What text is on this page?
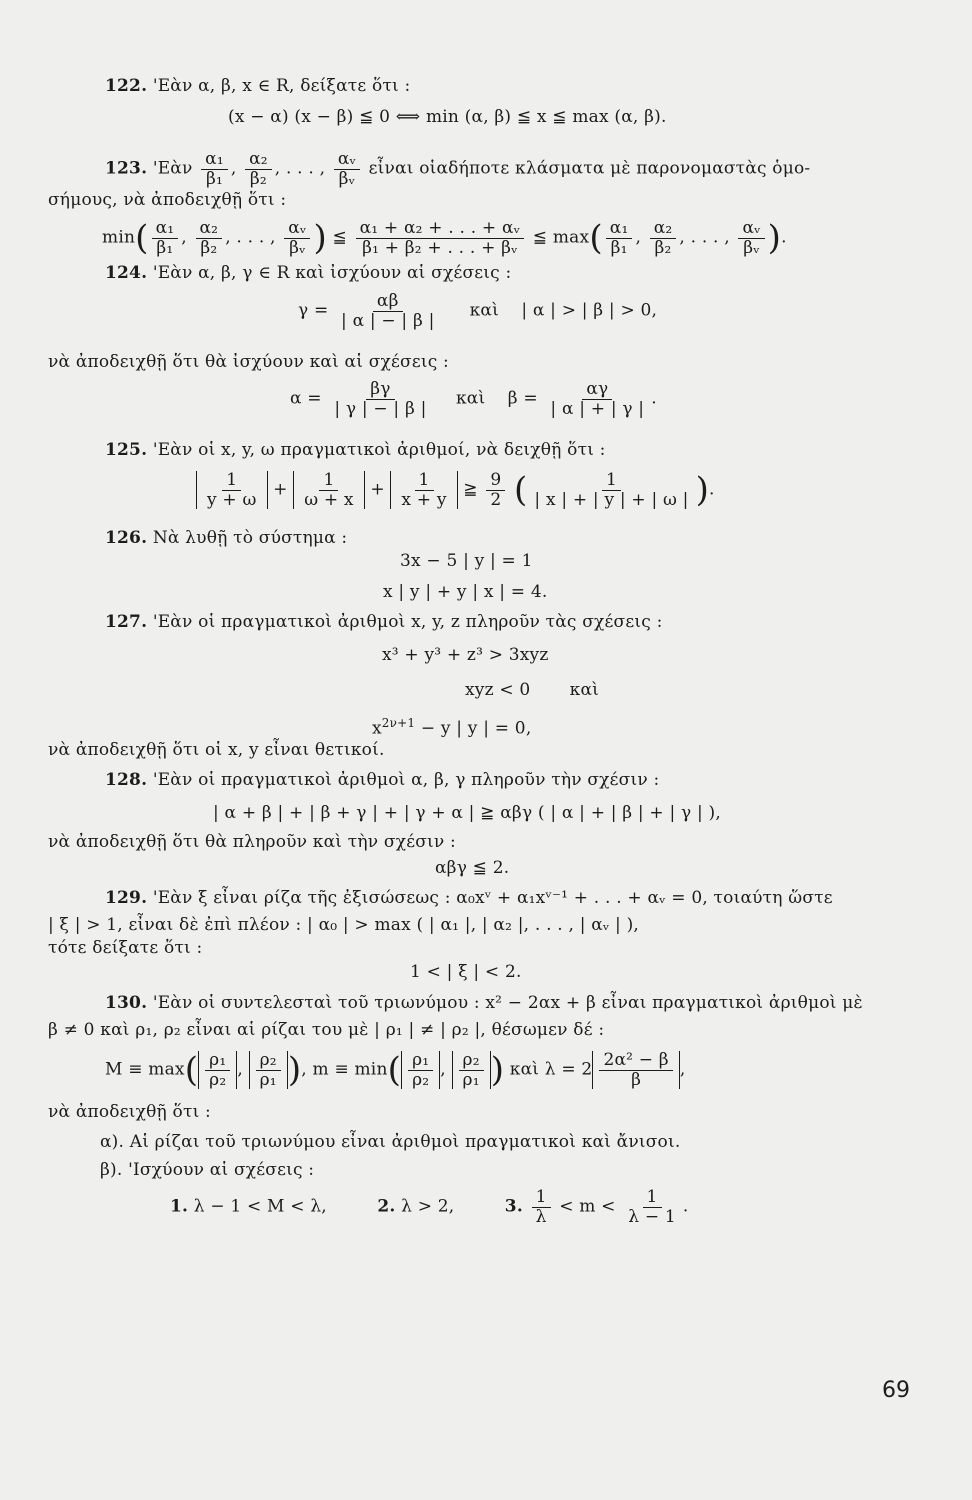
122. 'Εὰν α, β, x ∈ R, δείξατε ὅτι :
(x − α) (x − β) ≦ 0 ⟺ min (α, β) ≦ x ≦ max (α, β).
123. 'Εὰν $\frac{\text{α₁}}{\text{β₁}}$ , $\frac{\text{α₂}}{\text{β₂}}$ , . . . , $\frac{\text{αᵥ}}{\text{βᵥ}}$ εἶναι οἱαδήποτε κλάσματα μὲ παρονομαστὰς ὁμο-
σήμους, νὰ ἀποδειχθῇ ὅτι :
$\min( \frac{\text{α₁}}{\text{β₁}}$ , $\frac{\text{α₂}}{\text{β₂}}$ , . . . , $\frac{\text{αᵥ}}{\text{βᵥ}}$ ) ≦ $\frac{\text{α₁ + α₂ + . . . + αᵥ}}{\text{β₁ + β₂ + . . . + βᵥ}}$ ≦ $\max( \frac{\text{α₁}}{\text{β₁}}$ , $\frac{\text{α₂}}{\text{β₂}}$ , . . . , $\frac{\text{αᵥ}}{\text{βᵥ}}$ ).
124. 'Εὰν α, β, γ ∈ R καὶ ἰσχύουν αἱ σχέσεις :
$\gamma = \frac{\alpha\beta}{| \alpha | - | \beta |}$ καὶ | α | > | β | > 0,
νὰ ἀποδειχθῇ ὅτι θὰ ἰσχύουν καὶ αἱ σχέσεις :
$\alpha = \frac{\beta\gamma}{| \gamma | - | \beta |}$ καὶ $\beta = \frac{\alpha\gamma}{| \alpha | + | \gamma |}$ .
125. 'Εὰν οἱ x, y, ω πραγματικοὶ ἀριθμοί, νὰ δειχθῇ ὅτι :
$\frac{1}{y + \omega} + \frac{1}{\omega + x} + \frac{1}{x + y}$ ≧ $\frac{9}{2}$ ( $\frac{1}{| x | + | y | + | \omega |}$ ).
126. Νὰ λυθῇ τὸ σύστημα :
3x − 5 | y | = 1
x | y | + y | x | = 4.
127. 'Εὰν οἱ πραγματικοὶ ἀριθμοὶ x, y, z πληροῦν τὰς σχέσεις :
x³ + y³ + z³ > 3xyz
xyz < 0 καὶ
$x^{2\nu+1} - y$ | y | = 0,
νὰ ἀποδειχθῇ ὅτι οἱ x, y εἶναι θετικοί.
128. 'Εὰν οἱ πραγματικοὶ ἀριθμοὶ α, β, γ πληροῦν τὴν σχέσιν :
| α + β | + | β + γ | + | γ + α | ≧ αβγ ( | α | + | β | + | γ | ),
νὰ ἀποδειχθῇ ὅτι θὰ πληροῦν καὶ τὴν σχέσιν :
αβγ ≦ 2.
129. 'Εὰν ξ εἶναι ρίζα τῆς ἐξισώσεως : α₀xᵛ + α₁xᵛ⁻¹ + . . . + αᵥ = 0, τοιαύτη ὥστε
| ξ | > 1, εἶναι δὲ ἐπὶ πλέον : | α₀ | > max ( | α₁ |, | α₂ |, . . . , | αᵥ | ),
τότε δείξατε ὅτι :
1 < | ξ | < 2.
130. 'Εὰν οἱ συντελεσταὶ τοῦ τριωνύμου : x² − 2αx + β εἶναι πραγματικοὶ ἀριθμοὶ μὲ
β ≠ 0 καὶ ρ₁, ρ₂ εἶναι αἱ ρίζαι του μὲ | ρ₁ | ≠ | ρ₂ |, θέσωμεν δέ :
$M \equiv \max( \frac{\text{ρ₁}}{\text{ρ₂}}$ , $\frac{\text{ρ₂}}{\text{ρ₁}}$ ), $m \equiv \min( \frac{\text{ρ₁}}{\text{ρ₂}}$ , $\frac{\text{ρ₂}}{\text{ρ₁}}$ ) καὶ $\lambda = 2 \frac{\text{2α² − β}}{\beta}$ ,
νὰ ἀποδειχθῇ ὅτι :
α). Αἱ ρίζαι τοῦ τριωνύμου εἶναι ἀριθμοὶ πραγματικοὶ καὶ ἄνισοι.
β). 'Ισχύουν αἱ σχέσεις :
1. λ − 1 < M < λ,	2. λ > 2,	3. $\frac{1}{\lambda} < m < \frac{1}{\lambda - 1}$ .
69
